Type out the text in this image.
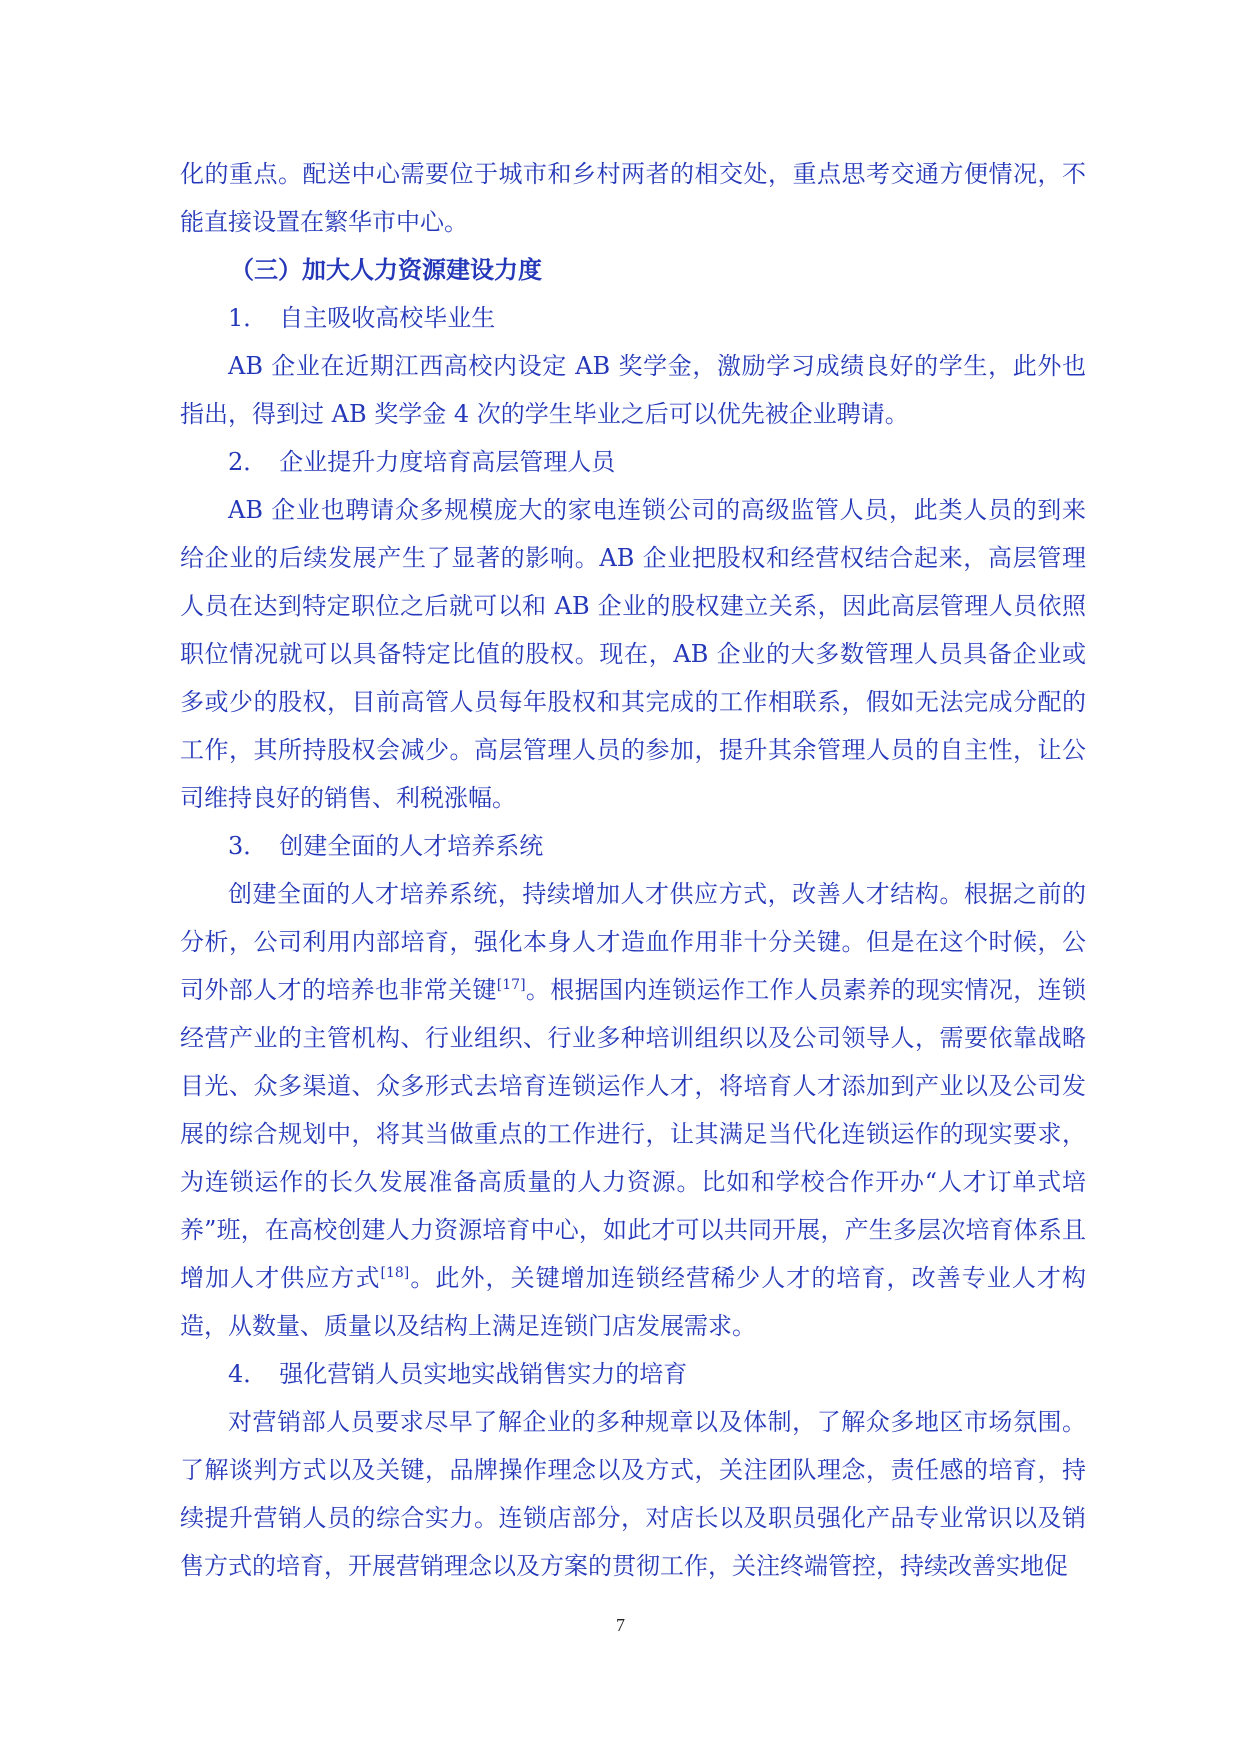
化的重点。配送中心需要位于城市和乡村两者的相交处，重点思考交通方便情况，不能直接设置在繁华市中心。

（三）加大人力资源建设力度

1． 自主吸收高校毕业生

AB 企业在近期江西高校内设定 AB 奖学金，激励学习成绩良好的学生，此外也指出，得到过 AB 奖学金 4 次的学生毕业之后可以优先被企业聘请。

2． 企业提升力度培育高层管理人员

AB 企业也聘请众多规模庞大的家电连锁公司的高级监管人员，此类人员的到来给企业的后续发展产生了显著的影响。AB 企业把股权和经营权结合起来，高层管理人员在达到特定职位之后就可以和 AB 企业的股权建立关系，因此高层管理人员依照职位情况就可以具备特定比值的股权。现在，AB 企业的大多数管理人员具备企业或多或少的股权，目前高管人员每年股权和其完成的工作相联系，假如无法完成分配的工作，其所持股权会减少。高层管理人员的参加，提升其余管理人员的自主性，让公司维持良好的销售、利税涨幅。

3． 创建全面的人才培养系统

创建全面的人才培养系统，持续增加人才供应方式，改善人才结构。根据之前的分析，公司利用内部培育，强化本身人才造血作用非十分关键。但是在这个时候，公司外部人才的培养也非常关键[17]。根据国内连锁运作工作人员素养的现实情况，连锁经营产业的主管机构、行业组织、行业多种培训组织以及公司领导人，需要依靠战略目光、众多渠道、众多形式去培育连锁运作人才，将培育人才添加到产业以及公司发展的综合规划中，将其当做重点的工作进行，让其满足当代化连锁运作的现实要求，为连锁运作的长久发展准备高质量的人力资源。比如和学校合作开办“人才订单式培养”班，在高校创建人力资源培育中心，如此才可以共同开展，产生多层次培育体系且增加人才供应方式[18]。此外，关键增加连锁经营稀少人才的培育，改善专业人才构造，从数量、质量以及结构上满足连锁门店发展需求。

4． 强化营销人员实地实战销售实力的培育

对营销部人员要求尽早了解企业的多种规章以及体制，了解众多地区市场氛围。了解谈判方式以及关键，品牌操作理念以及方式，关注团队理念，责任感的培育，持续提升营销人员的综合实力。连锁店部分，对店长以及职员强化产品专业常识以及销售方式的培育，开展营销理念以及方案的贯彻工作，关注终端管控，持续改善实地促

7
